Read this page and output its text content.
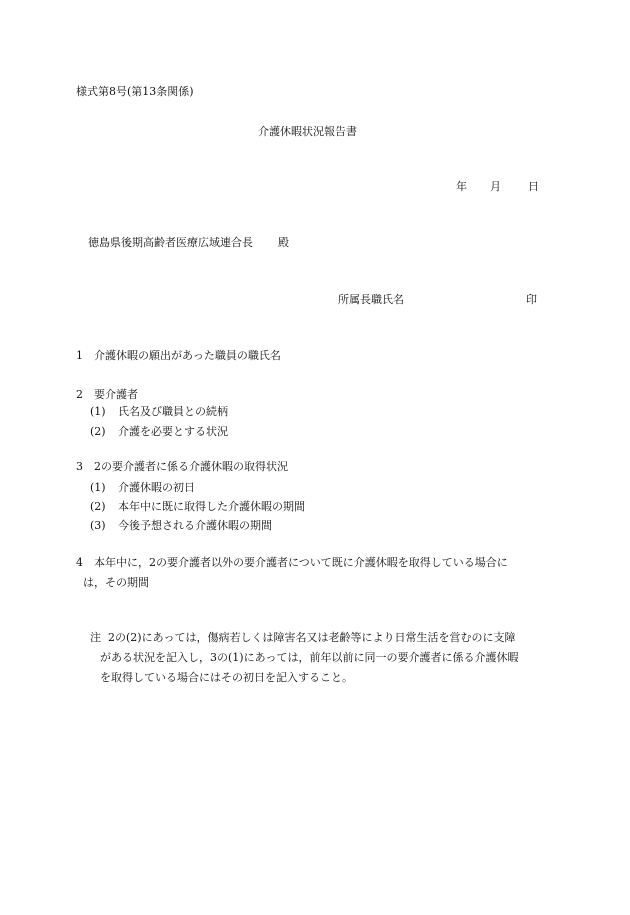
様式第8号(第13条関係)
介護休暇状況報告書
年 月 日
徳島県後期高齢者医療広域連合長 殿
所属長職氏名	印
1 介護休暇の願出があった職員の職氏名
2 要介護者
(1) 氏名及び職員との続柄
(2) 介護を必要とする状況
3 2の要介護者に係る介護休暇の取得状況
(1) 介護休暇の初日
(2) 本年中に既に取得した介護休暇の期間
(3) 今後予想される介護休暇の期間
4 本年中に，2の要介護者以外の要介護者について既に介護休暇を取得している場合に
は，その期間
注 2の(2)にあっては，傷病若しくは障害名又は老齢等により日常生活を営むのに支障
がある状況を記入し，3の(1)にあっては，前年以前に同一の要介護者に係る介護休暇
を取得している場合にはその初日を記入すること。
